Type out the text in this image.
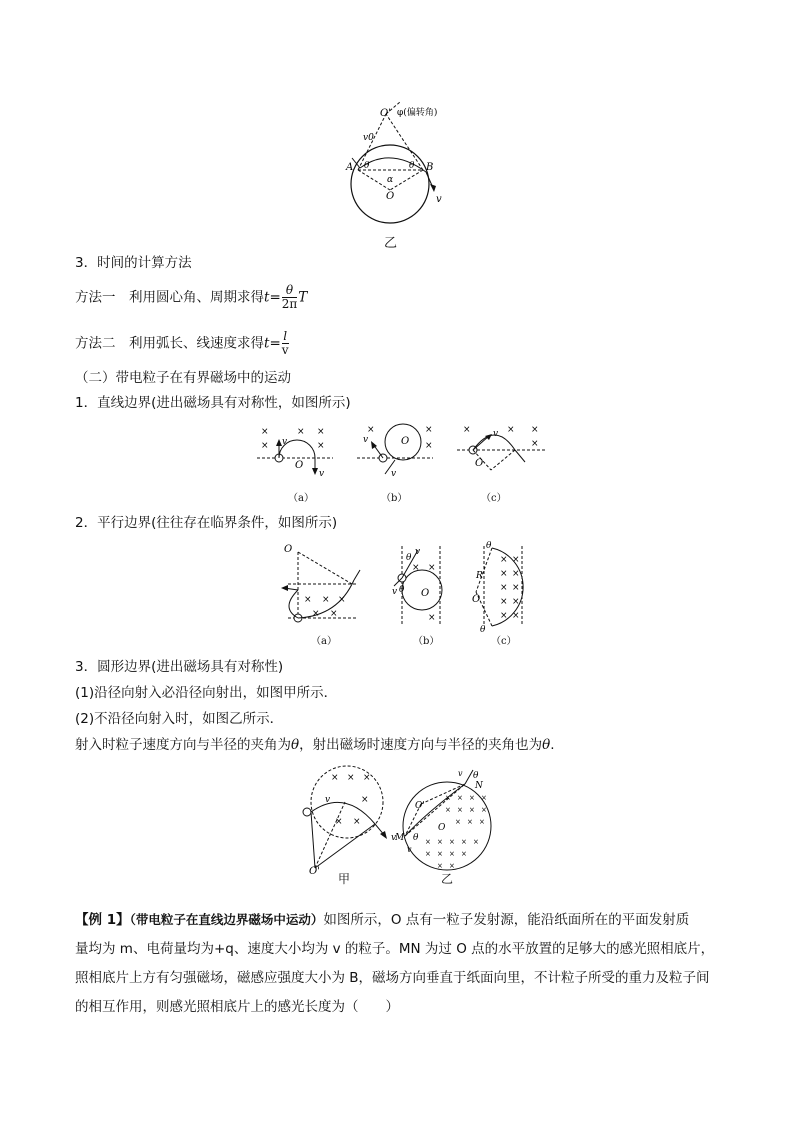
O' φ(偏转角)
v0
A	B
θ	θ
α
O	v
乙
3．时间的计算方法
方法一  利用圆心角、周期求得$t= \frac{\theta}{2\pi}$ T
方法二  利用弧长、线速度求得$t= \frac{l}{v}$
（二）带电粒子在有界磁场中的运动
1．直线边界(进出磁场具有对称性，如图所示)
O
v
v
×
×
× ×
×	O
v
v
×	×
×
v
O
×	× ×
×
（a）	（b）	（c）
2．平行边界(往往存在临界条件，如图所示)
O
× × ×
× ×
θ
v
v O
θ
× ×
×
θ
R
O
θ
× ×
× ×
× ×
× ×
× ×
（a）	（b）	（c）
3．圆形边界(进出磁场具有对称性)
(1)沿径向射入必沿径向射出，如图甲所示．
(2)不沿径向射入时，如图乙所示．
射入时粒子速度方向与半径的夹角为θ，射出磁场时速度方向与半径的夹角也为θ.
v
v
O'
× × ×
×
× ×
v θ
N
O'
O
M θ
v
× × × ×
× × × ×
× × ×
× × × × ×
× × × ×
× ×
甲	乙
【例 1】（带电粒子在直线边界磁场中运动）如图所示，O 点有一粒子发射源，能沿纸面所在的平面发射质
量均为 m、电荷量均为+q、速度大小均为 v 的粒子。MN 为过 O 点的水平放置的足够大的感光照相底片，
照相底片上方有匀强磁场，磁感应强度大小为 B，磁场方向垂直于纸面向里，不计粒子所受的重力及粒子间
的相互作用，则感光照相底片上的感光长度为（　　）
